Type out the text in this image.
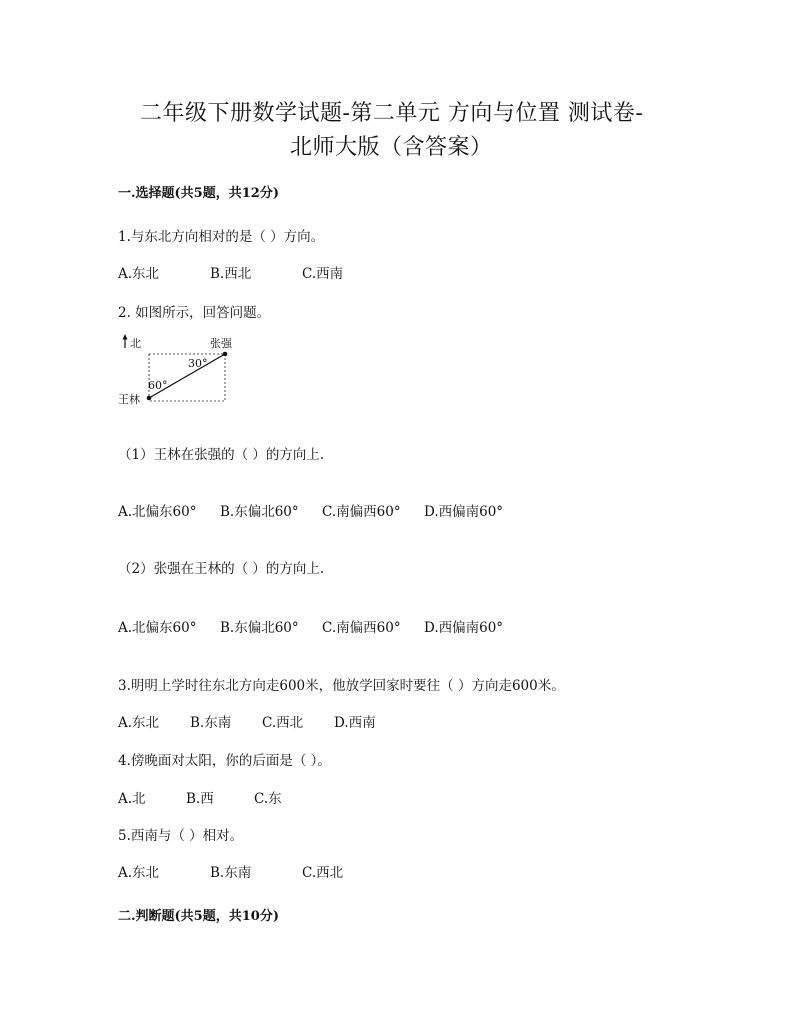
二年级下册数学试题-第二单元 方向与位置 测试卷-
北师大版（含答案）
一.选择题(共5题，共12分)
1.与东北方向相对的是（ ）方向。
A.东北	B.西北	C.西南
2. 如图所示，回答问题。
北	张强
30°
60°
王林
（1）王林在张强的（ ）的方向上.
A.北偏东60° B.东偏北60° C.南偏西60° D.西偏南60°
（2）张强在王林的（ ）的方向上.
A.北偏东60° B.东偏北60° C.南偏西60° D.西偏南60°
3.明明上学时往东北方向走600米，他放学回家时要往（ ）方向走600米。
A.东北 B.东南 C.西北 D.西南
4.傍晚面对太阳，你的后面是（ ）。
A.北	B.西	C.东
5.西南与（ ）相对。
A.东北	B.东南	C.西北
二.判断题(共5题，共10分)
